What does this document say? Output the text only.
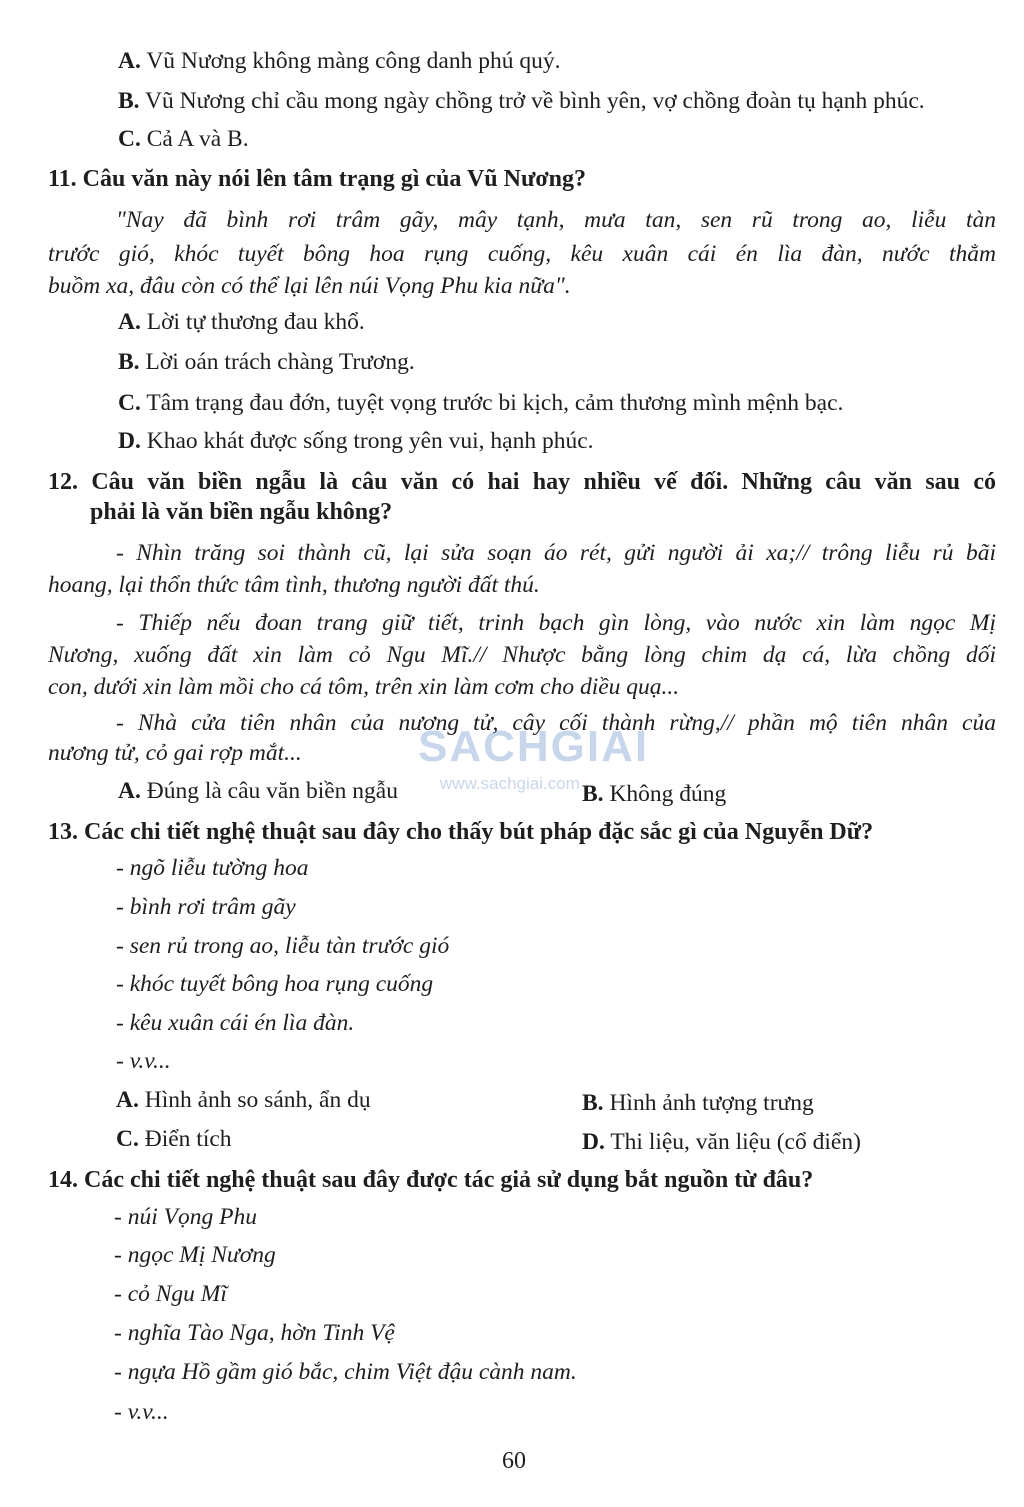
A. Vũ Nương không màng công danh phú quý.
B. Vũ Nương chỉ cầu mong ngày chồng trở về bình yên, vợ chồng đoàn tụ hạnh phúc.
C. Cả A và B.
11. Câu văn này nói lên tâm trạng gì của Vũ Nương?
"Nay đã bình rơi trâm gãy, mây tạnh, mưa tan, sen rũ trong ao, liễu tàn
trước gió, khóc tuyết bông hoa rụng cuống, kêu xuân cái én lìa đàn, nước thẳm
buồm xa, đâu còn có thể lại lên núi Vọng Phu kia nữa".
A. Lời tự thương đau khổ.
B. Lời oán trách chàng Trương.
C. Tâm trạng đau đớn, tuyệt vọng trước bi kịch, cảm thương mình mệnh bạc.
D. Khao khát được sống trong yên vui, hạnh phúc.
12. Câu văn biền ngẫu là câu văn có hai hay nhiều vế đối. Những câu văn sau có
phải là văn biền ngẫu không?
- Nhìn trăng soi thành cũ, lại sửa soạn áo rét, gửi người ải xa;// trông liễu rủ bãi
hoang, lại thổn thức tâm tình, thương người đất thú.
- Thiếp nếu đoan trang giữ tiết, trinh bạch gìn lòng, vào nước xin làm ngọc Mị
Nương, xuống đất xin làm cỏ Ngu Mĩ.// Nhược bằng lòng chim dạ cá, lừa chồng dối
con, dưới xin làm mồi cho cá tôm, trên xin làm cơm cho diều quạ...
- Nhà cửa tiên nhân của nương tử, cây cối thành rừng,// phần mộ tiên nhân của
nương tử, cỏ gai rợp mắt...
A. Đúng là câu văn biền ngẫu	B. Không đúng
SACHGIAI
www.sachgiai.com
13. Các chi tiết nghệ thuật sau đây cho thấy bút pháp đặc sắc gì của Nguyễn Dữ?
- ngõ liễu tường hoa
- bình rơi trâm gãy
- sen rủ trong ao, liễu tàn trước gió
- khóc tuyết bông hoa rụng cuống
- kêu xuân cái én lìa đàn.
- v.v...
A. Hình ảnh so sánh, ẩn dụ	B. Hình ảnh tượng trưng
C. Điển tích	D. Thi liệu, văn liệu (cổ điển)
14. Các chi tiết nghệ thuật sau đây được tác giả sử dụng bắt nguồn từ đâu?
- núi Vọng Phu
- ngọc Mị Nương
- cỏ Ngu Mĩ
- nghĩa Tào Nga, hờn Tinh Vệ
- ngựa Hồ gầm gió bắc, chim Việt đậu cành nam.
- v.v...
60
